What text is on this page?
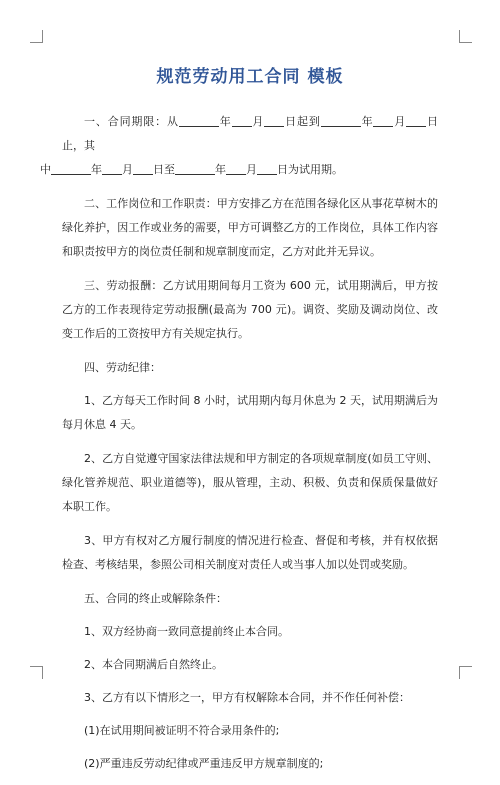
规范劳动用工合同 模板

一、合同期限：从	年 月 日起到	年 月 日止，其
中	年 月 日至	年 月 日为试用期。

二、工作岗位和工作职责：甲方安排乙方在范围各绿化区从事花草树木的绿化养护，因工作或业务的需要，甲方可调整乙方的工作岗位，具体工作内容和职责按甲方的岗位责任制和规章制度而定，乙方对此并无异议。

三、劳动报酬：乙方试用期间每月工资为 600 元，试用期满后，甲方按乙方的工作表现待定劳动报酬(最高为 700 元)。调资、奖励及调动岗位、改变工作后的工资按甲方有关规定执行。

四、劳动纪律：

1、乙方每天工作时间 8 小时，试用期内每月休息为 2 天，试用期满后为每月休息 4 天。

2、乙方自觉遵守国家法律法规和甲方制定的各项规章制度(如员工守则、绿化管养规范、职业道德等)，服从管理，主动、积极、负责和保质保量做好本职工作。

3、甲方有权对乙方履行制度的情况进行检查、督促和考核，并有权依据检查、考核结果，参照公司相关制度对责任人或当事人加以处罚或奖励。

五、合同的终止或解除条件：

1、双方经协商一致同意提前终止本合同。

2、本合同期满后自然终止。

3、乙方有以下情形之一，甲方有权解除本合同，并不作任何补偿：

(1)在试用期间被证明不符合录用条件的;

(2)严重违反劳动纪律或严重违反甲方规章制度的;
